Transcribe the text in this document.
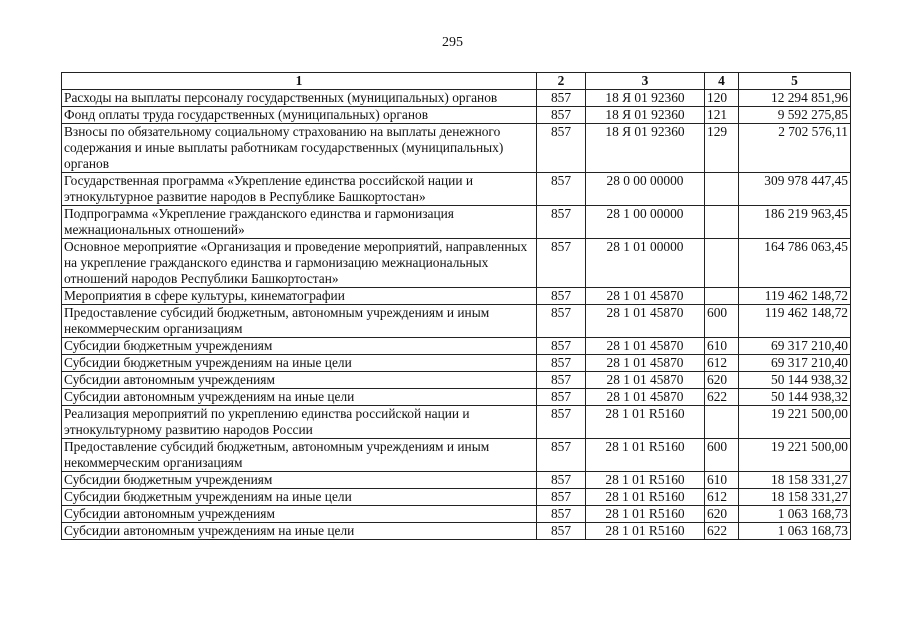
295
1	2	3	4	5
Расходы на выплаты персоналу государственных (муниципальных) органов	857	18 Я 01 92360	120	12 294 851,96
Фонд оплаты труда государственных (муниципальных) органов	857	18 Я 01 92360	121	9 592 275,85
Взносы по обязательному социальному страхованию на выплаты денежного содержания и иные выплаты работникам государственных (муниципальных) органов	857	18 Я 01 92360	129	2 702 576,11
Государственная программа «Укрепление единства российской нации и этнокультурное развитие народов в Республике Башкортостан»	857	28 0 00 00000		309 978 447,45
Подпрограмма «Укрепление гражданского единства и гармонизация межнациональных отношений»	857	28 1 00 00000		186 219 963,45
Основное мероприятие «Организация и проведение мероприятий, направленных на укрепление гражданского единства и гармонизацию межнациональных отношений народов Республики Башкортостан»	857	28 1 01 00000		164 786 063,45
Мероприятия в сфере культуры, кинематографии	857	28 1 01 45870		119 462 148,72
Предоставление субсидий бюджетным, автономным учреждениям и иным некоммерческим организациям	857	28 1 01 45870	600	119 462 148,72
Субсидии бюджетным учреждениям	857	28 1 01 45870	610	69 317 210,40
Субсидии бюджетным учреждениям на иные цели	857	28 1 01 45870	612	69 317 210,40
Субсидии автономным учреждениям	857	28 1 01 45870	620	50 144 938,32
Субсидии автономным учреждениям на иные цели	857	28 1 01 45870	622	50 144 938,32
Реализация мероприятий по укреплению единства российской нации и этнокультурному развитию народов России	857	28 1 01 R5160		19 221 500,00
Предоставление субсидий бюджетным, автономным учреждениям и иным некоммерческим организациям	857	28 1 01 R5160	600	19 221 500,00
Субсидии бюджетным учреждениям	857	28 1 01 R5160	610	18 158 331,27
Субсидии бюджетным учреждениям на иные цели	857	28 1 01 R5160	612	18 158 331,27
Субсидии автономным учреждениям	857	28 1 01 R5160	620	1 063 168,73
Субсидии автономным учреждениям на иные цели	857	28 1 01 R5160	622	1 063 168,73
